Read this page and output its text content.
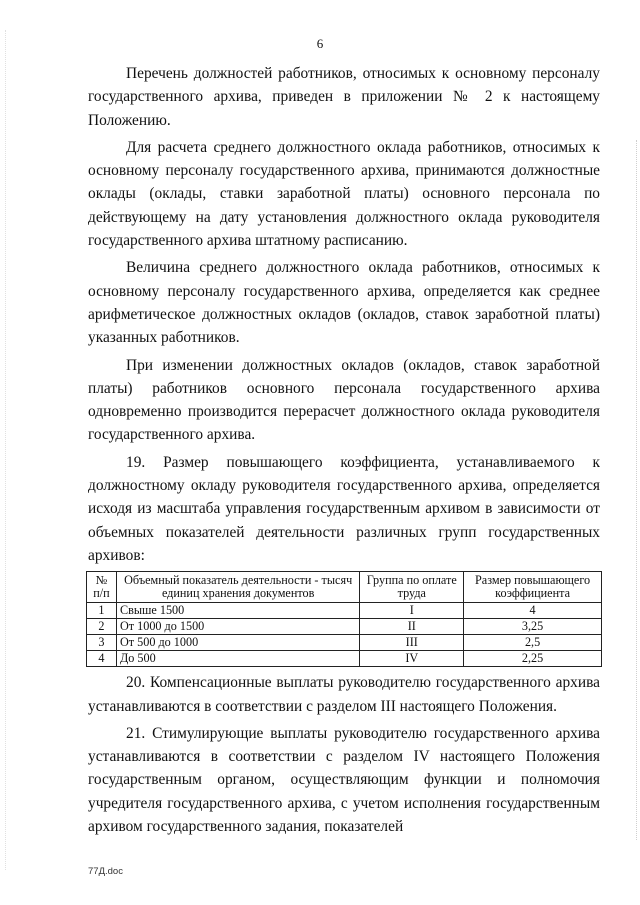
6

Перечень должностей работников, относимых к основному персоналу государственного архива, приведен в приложении № 2 к настоящему Положению.

Для расчета среднего должностного оклада работников, относимых к основному персоналу государственного архива, принимаются должностные оклады (оклады, ставки заработной платы) основного персонала по действующему на дату установления должностного оклада руководителя государственного архива штатному расписанию.

Величина среднего должностного оклада работников, относимых к основному персоналу государственного архива, определяется как среднее арифметическое должностных окладов (окладов, ставок заработной платы) указанных работников.

При изменении должностных окладов (окладов, ставок заработной платы) работников основного персонала государственного архива одновременно производится перерасчет должностного оклада руководителя государственного архива.

19. Размер повышающего коэффициента, устанавливаемого к должностному окладу руководителя государственного архива, определяется исходя из масштаба управления государственным архивом в зависимости от объемных показателей деятельности различных групп государственных архивов:

№ п/п	Объемный показатель деятельности - тысяч единиц хранения документов	Группа по оплате труда	Размер повышающего коэффициента
1	Свыше 1500	I	4
2	От 1000 до 1500	II	3,25
3	От 500 до 1000	III	2,5
4	До 500	IV	2,25

20. Компенсационные выплаты руководителю государственного архива устанавливаются в соответствии с разделом III настоящего Положения.

21. Стимулирующие выплаты руководителю государственного архива устанавливаются в соответствии с разделом IV настоящего Положения государственным органом, осуществляющим функции и полномочия учредителя государственного архива, с учетом исполнения государственным архивом государственного задания, показателей

77Д.doc
